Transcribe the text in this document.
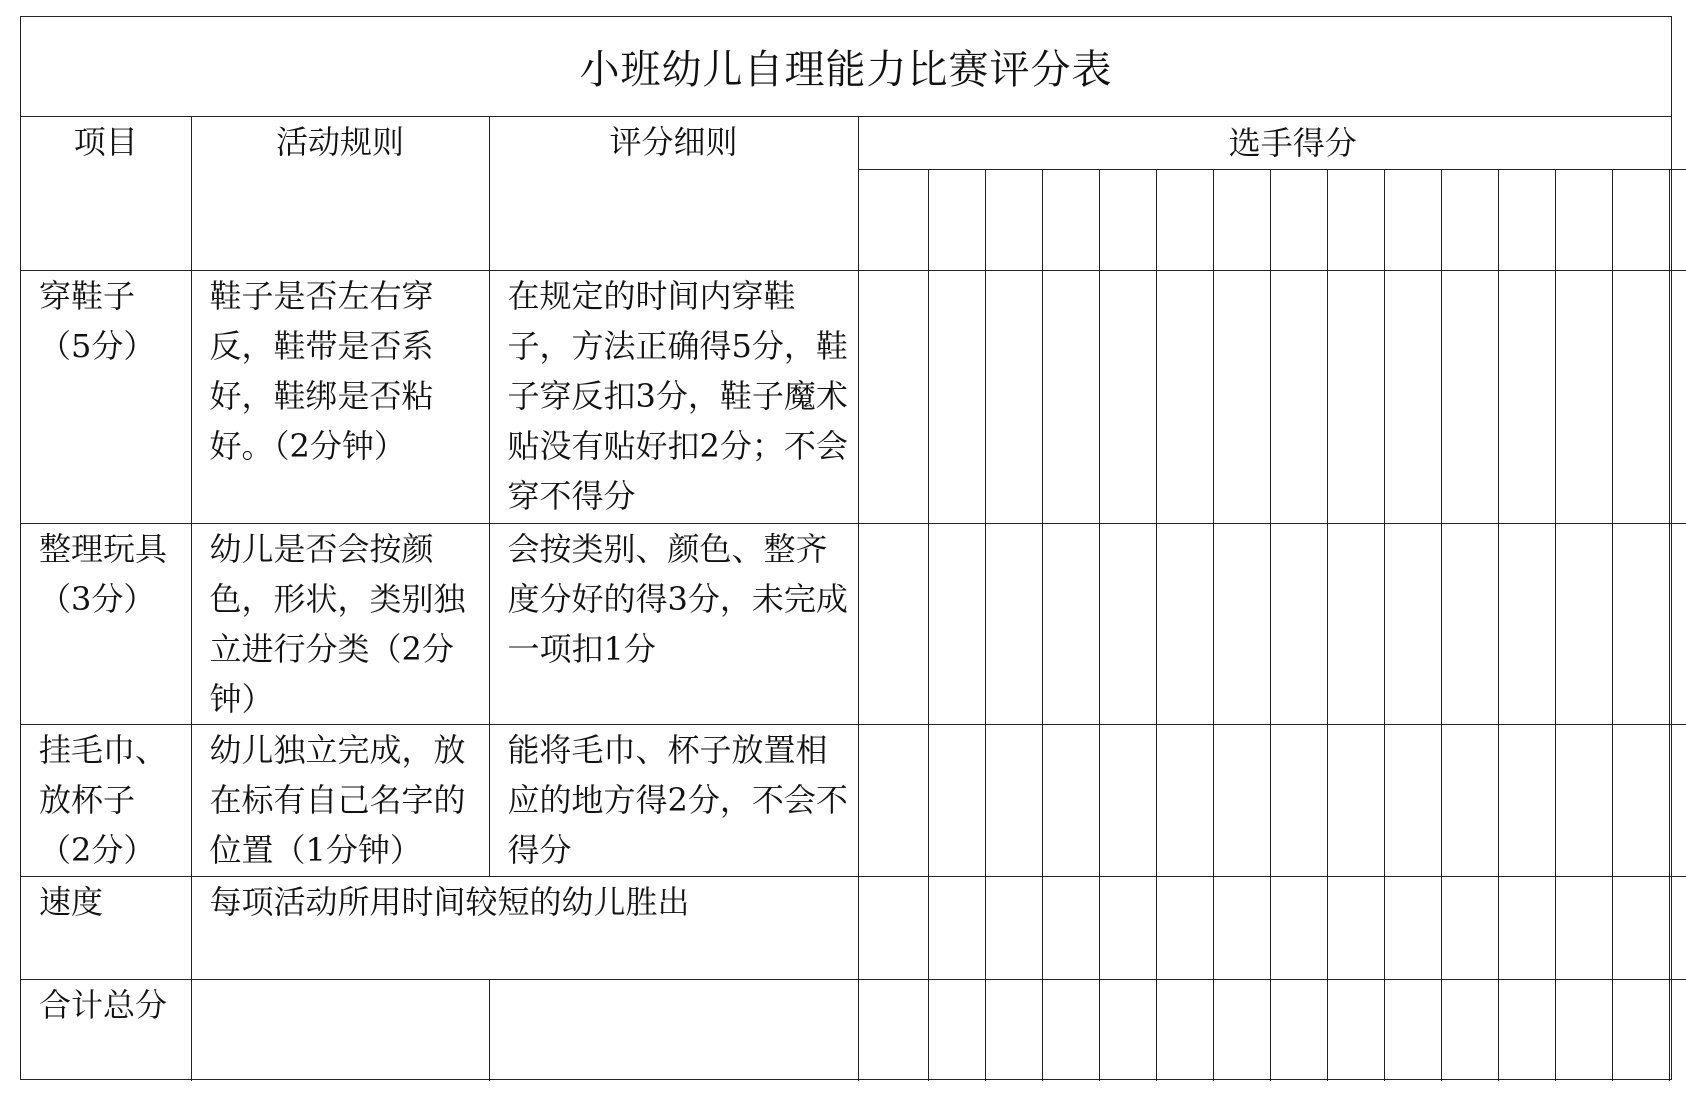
小班幼儿自理能力比赛评分表
项目	活动规则	评分细则	选手得分														

穿鞋子（5分）	鞋子是否左右穿反，鞋带是否系好，鞋绑是否粘好。（2分钟）	在规定的时间内穿鞋子，方法正确得5分，鞋子穿反扣3分，鞋子魔术贴没有贴好扣2分；不会穿不得分															

整理玩具（3分）	幼儿是否会按颜色，形状，类别独立进行分类（2分钟）	会按类别、颜色、整齐度分好的得3分，未完成一项扣1分															

挂毛巾、放杯子（2分）	幼儿独立完成，放在标有自己名字的位置（1分钟）	能将毛巾、杯子放置相应的地方得2分，不会不得分															

速度	每项活动所用时间较短的幼儿胜出																

合计总分																	
